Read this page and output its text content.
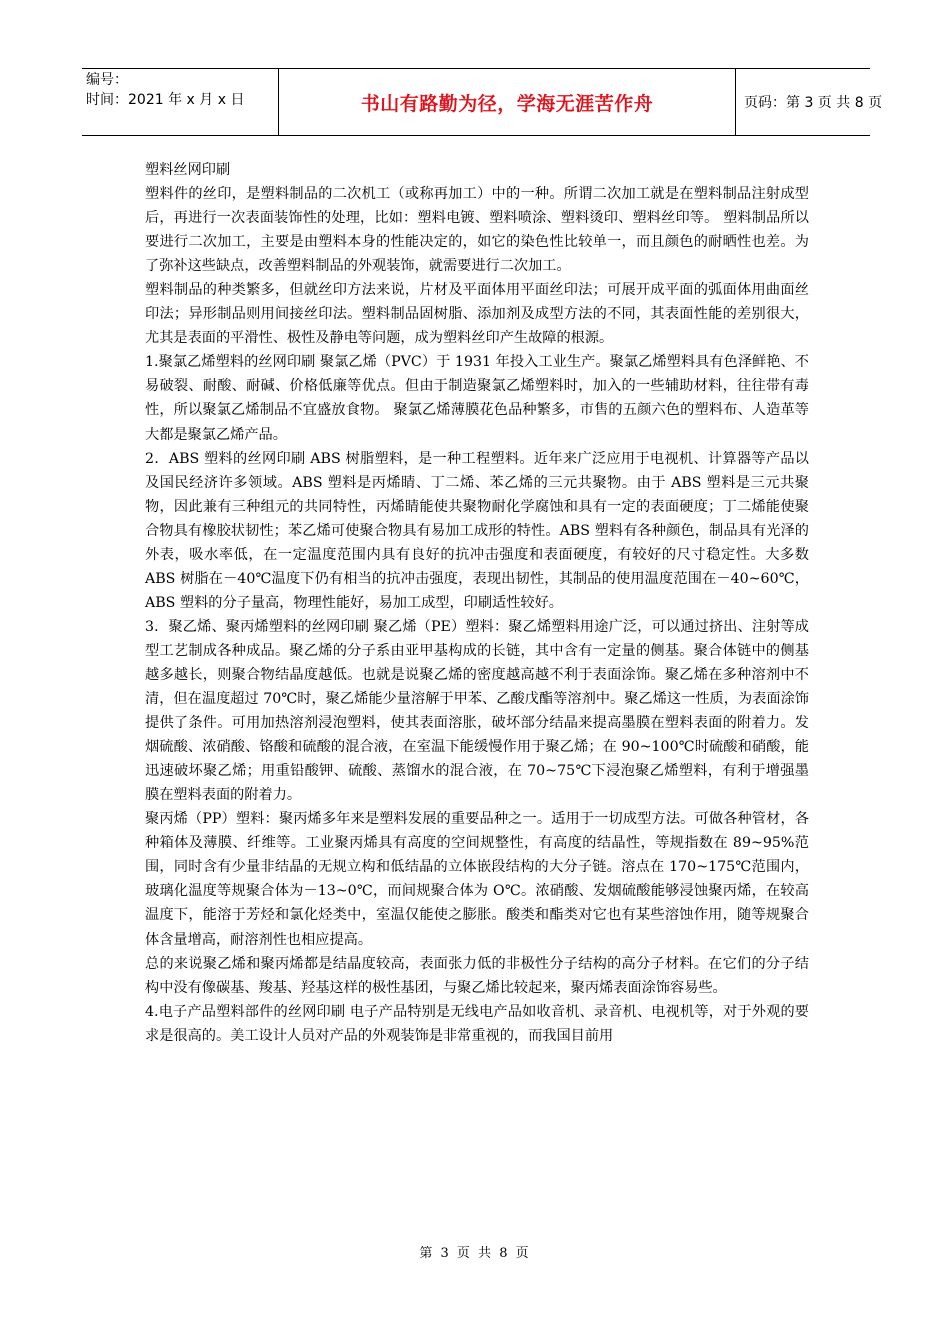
编号：
时间：2021 年 x 月 x 日	书山有路勤为径，学海无涯苦作舟	页码：第 3 页 共 8 页

塑料丝网印刷

塑料件的丝印，是塑料制品的二次机工（或称再加工）中的一种。所谓二次加工就是在塑料制品注射成型后，再进行一次表面装饰性的处理，比如：塑料电镀、塑料喷涂、塑料烫印、塑料丝印等。 塑料制品所以要进行二次加工，主要是由塑料本身的性能决定的，如它的染色性比较单一，而且颜色的耐晒性也差。为了弥补这些缺点，改善塑料制品的外观装饰，就需要进行二次加工。

塑料制品的种类繁多，但就丝印方法来说，片材及平面体用平面丝印法；可展开成平面的弧面体用曲面丝印法；异形制品则用间接丝印法。塑料制品固树脂、添加剂及成型方法的不同，其表面性能的差别很大，尤其是表面的平滑性、极性及静电等问题，成为塑料丝印产生故障的根源。

1.聚氯乙烯塑料的丝网印刷 聚氯乙烯（PVC）于 1931 年投入工业生产。聚氯乙烯塑料具有色泽鲜艳、不易破裂、耐酸、耐碱、价格低廉等优点。但由于制造聚氯乙烯塑料时，加入的一些辅助材料，往往带有毒性，所以聚氯乙烯制品不宜盛放食物。 聚氯乙烯薄膜花色品种繁多，市售的五颜六色的塑料布、人造革等大都是聚氯乙烯产品。

2．ABS 塑料的丝网印刷 ABS 树脂塑料，是一种工程塑料。近年来广泛应用于电视机、计算器等产品以及国民经济许多领域。ABS 塑料是丙烯睛、丁二烯、苯乙烯的三元共聚物。由于 ABS 塑料是三元共聚物，因此兼有三种组元的共同特性，丙烯睛能使共聚物耐化学腐蚀和具有一定的表面硬度；丁二烯能使聚合物具有橡胶状韧性；苯乙烯可使聚合物具有易加工成形的特性。ABS 塑料有各种颜色，制品具有光泽的外表，吸水率低，在一定温度范围内具有良好的抗冲击强度和表面硬度，有较好的尺寸稳定性。大多数 ABS 树脂在－40℃温度下仍有相当的抗冲击强度，表现出韧性，其制品的使用温度范围在－40~60℃，ABS 塑料的分子量高，物理性能好，易加工成型，印刷适性较好。

3．聚乙烯、聚丙烯塑料的丝网印刷 聚乙烯（PE）塑料：聚乙烯塑料用途广泛，可以通过挤出、注射等成型工艺制成各种成品。聚乙烯的分子系由亚甲基构成的长链，其中含有一定量的侧基。聚合体链中的侧基越多越长，则聚合物结晶度越低。也就是说聚乙烯的密度越高越不利于表面涂饰。聚乙烯在多种溶剂中不清，但在温度超过 70℃时，聚乙烯能少量溶解于甲苯、乙酸戊酯等溶剂中。聚乙烯这一性质，为表面涂饰提供了条件。可用加热溶剂浸泡塑料，使其表面溶胀，破坏部分结晶来提高墨膜在塑料表面的附着力。发烟硫酸、浓硝酸、铬酸和硫酸的混合液，在室温下能缓慢作用于聚乙烯；在 90~100℃时硫酸和硝酸，能迅速破坏聚乙烯；用重铅酸钾、硫酸、蒸馏水的混合液，在 70~75℃下浸泡聚乙烯塑料，有利于增强墨膜在塑料表面的附着力。

聚丙烯（PP）塑料：聚丙烯多年来是塑料发展的重要品种之一。适用于一切成型方法。可做各种管材，各种箱体及薄膜、纤维等。工业聚丙烯具有高度的空间规整性，有高度的结晶性，等规指数在 89~95%范围，同时含有少量非结晶的无规立构和低结晶的立体嵌段结构的大分子链。溶点在 170~175℃范围内，玻璃化温度等规聚合体为－13~0℃，而间规聚合体为 O℃。浓硝酸、发烟硫酸能够浸蚀聚丙烯，在较高温度下，能溶于芳烃和氯化烃类中，室温仅能使之膨胀。酸类和酯类对它也有某些溶蚀作用，随等规聚合体含量增高，耐溶剂性也相应提高。

总的来说聚乙烯和聚丙烯都是结晶度较高，表面张力低的非极性分子结构的高分子材料。在它们的分子结构中没有像碳基、羧基、羟基这样的极性基团，与聚乙烯比较起来，聚丙烯表面涂饰容易些。

4.电子产品塑料部件的丝网印刷 电子产品特别是无线电产品如收音机、录音机、电视机等，对于外观的要求是很高的。美工设计人员对产品的外观装饰是非常重视的，而我国目前用

第 3 页 共 8 页
